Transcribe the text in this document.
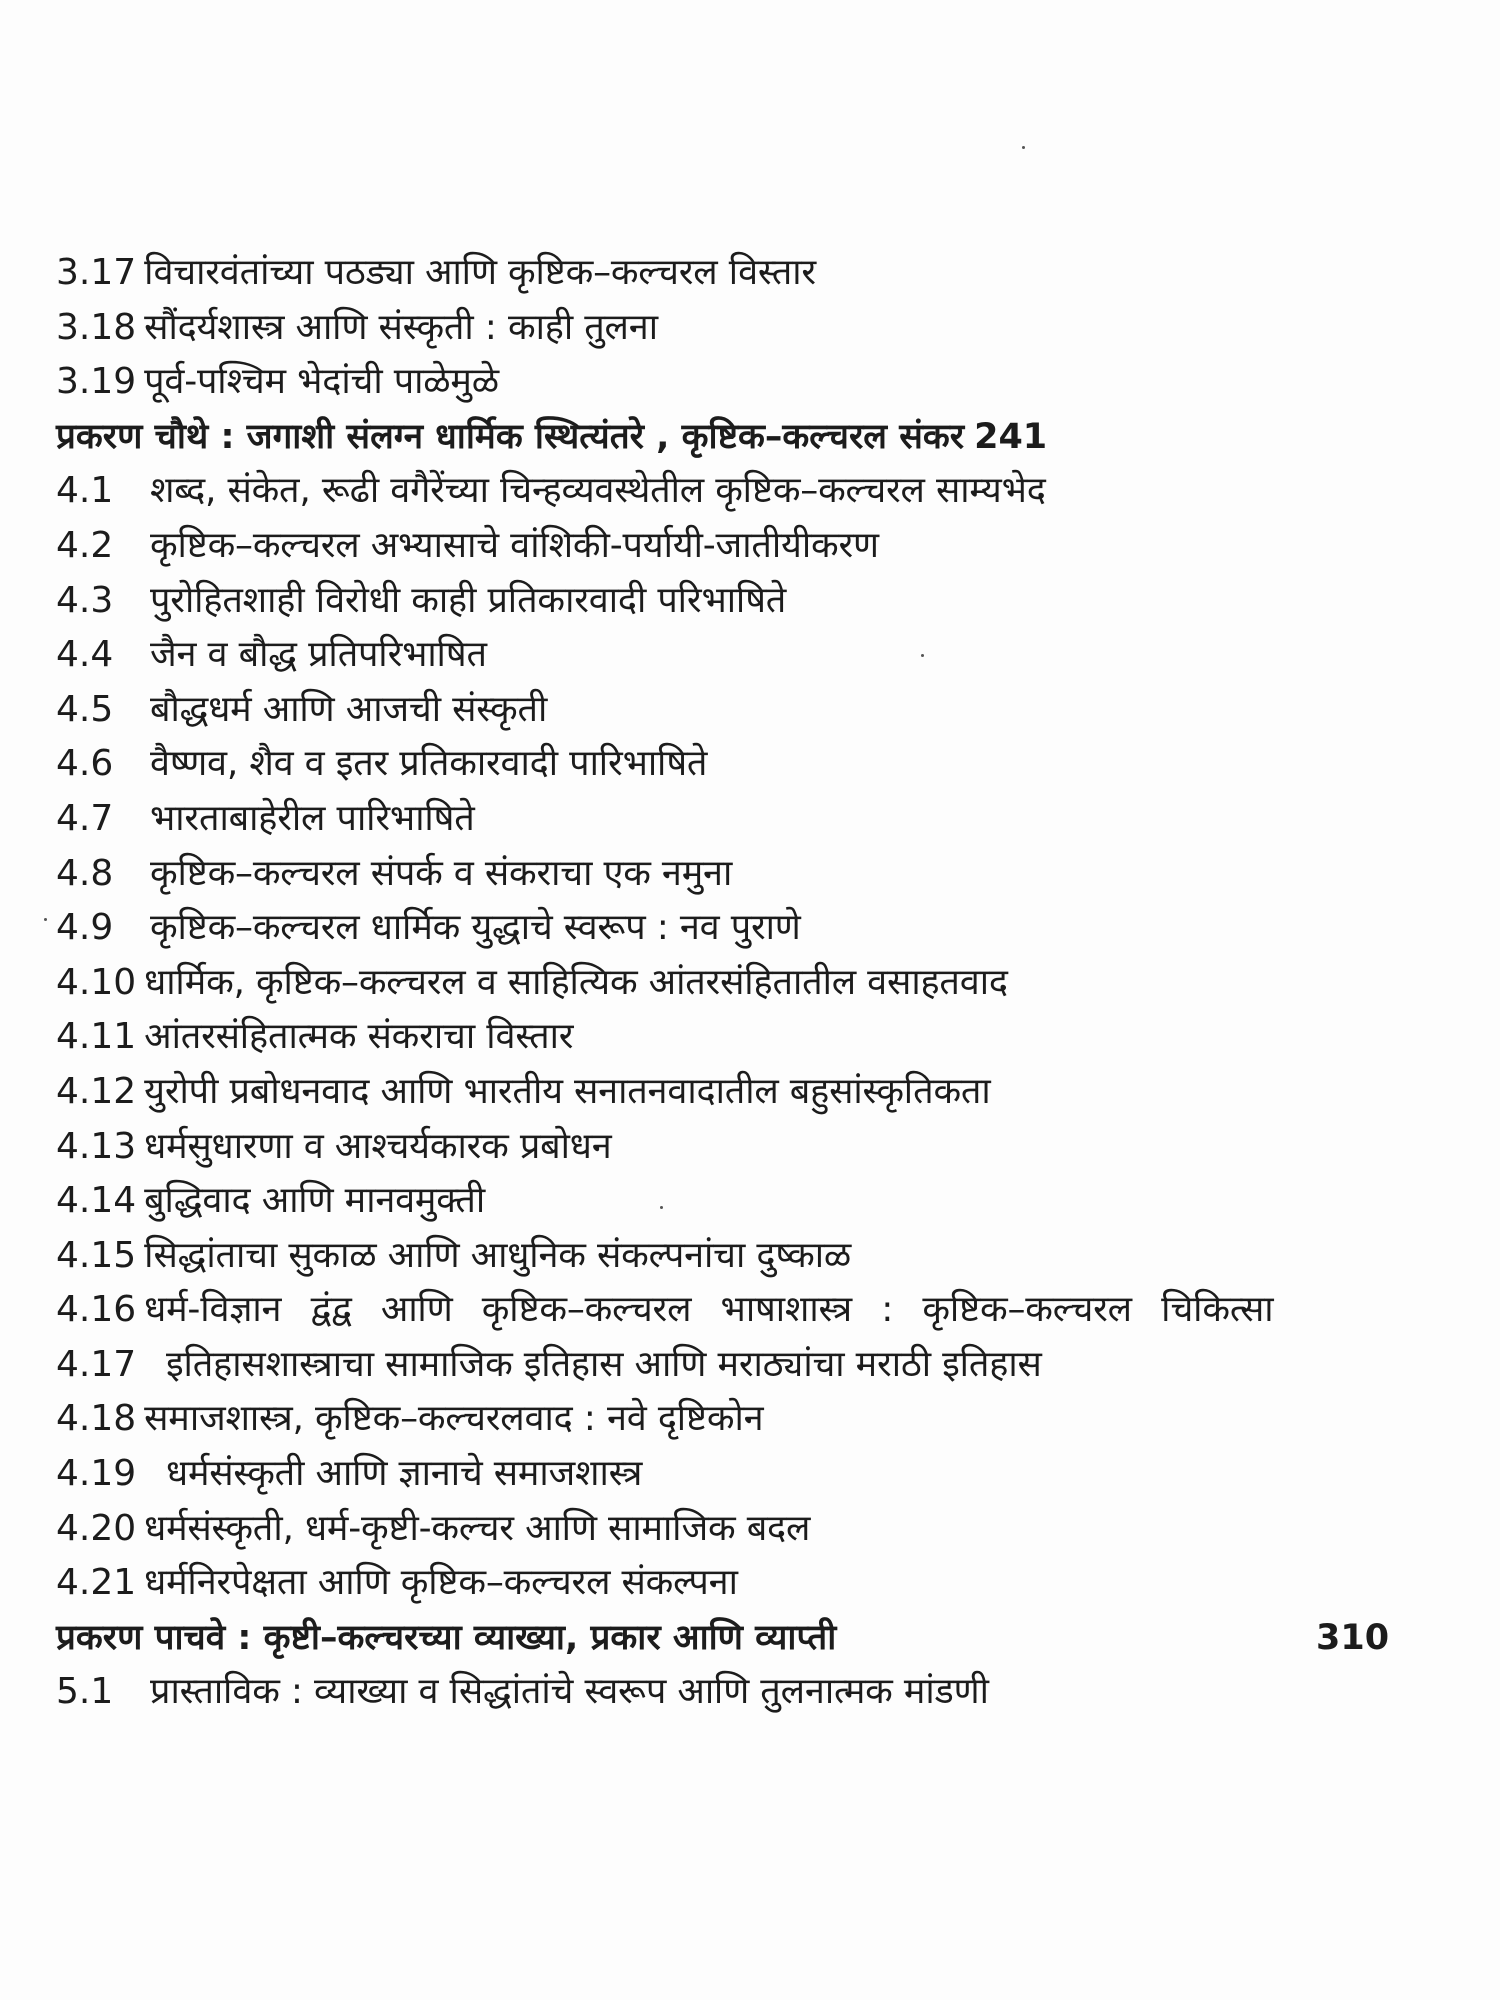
3.17 विचारवंतांच्या पठड्या आणि कृष्टिक–कल्चरल विस्तार
3.18 सौंदर्यशास्त्र आणि संस्कृती : काही तुलना
3.19 पूर्व-पश्चिम भेदांची पाळेमुळे
प्रकरण चौथे : जगाशी संलग्न धार्मिक स्थित्यंतरे , कृष्टिक–कल्चरल संकर 241
4.1	शब्द, संकेत, रूढी वगैरेंच्या चिन्हव्यवस्थेतील कृष्टिक–कल्चरल साम्यभेद
4.2	कृष्टिक–कल्चरल अभ्यासाचे वांशिकी-पर्यायी-जातीयीकरण
4.3	पुरोहितशाही विरोधी काही प्रतिकारवादी परिभाषिते
4.4	जैन व बौद्ध प्रतिपरिभाषित
4.5	बौद्धधर्म आणि आजची संस्कृती
4.6	वैष्णव, शैव व इतर प्रतिकारवादी पारिभाषिते
4.7	भारताबाहेरील पारिभाषिते
4.8	कृष्टिक–कल्चरल संपर्क व संकराचा एक नमुना
4.9	कृष्टिक–कल्चरल धार्मिक युद्धाचे स्वरूप : नव पुराणे
4.10 धार्मिक, कृष्टिक–कल्चरल व साहित्यिक आंतरसंहितातील वसाहतवाद
4.11 आंतरसंहितात्मक संकराचा विस्तार
4.12 युरोपी प्रबोधनवाद आणि भारतीय सनातनवादातील बहुसांस्कृतिकता
4.13 धर्मसुधारणा व आश्चर्यकारक प्रबोधन
4.14 बुद्धिवाद आणि मानवमुक्ती
4.15 सिद्धांताचा सुकाळ आणि आधुनिक संकल्पनांचा दुष्काळ
4.16 धर्म-विज्ञान द्वंद्व आणि कृष्टिक–कल्चरल भाषाशास्त्र : कृष्टिक–कल्चरल चिकित्सा
4.17 इतिहासशास्त्राचा सामाजिक इतिहास आणि मराठ्यांचा मराठी इतिहास
4.18 समाजशास्त्र, कृष्टिक–कल्चरलवाद : नवे दृष्टिकोन
4.19 धर्मसंस्कृती आणि ज्ञानाचे समाजशास्त्र
4.20 धर्मसंस्कृती, धर्म-कृष्टी-कल्चर आणि सामाजिक बदल
4.21 धर्मनिरपेक्षता आणि कृष्टिक–कल्चरल संकल्पना
प्रकरण पाचवे : कृष्टी–कल्चरच्या व्याख्या, प्रकार आणि व्याप्ती	310
5.1	प्रास्ताविक : व्याख्या व सिद्धांतांचे स्वरूप आणि तुलनात्मक मांडणी
